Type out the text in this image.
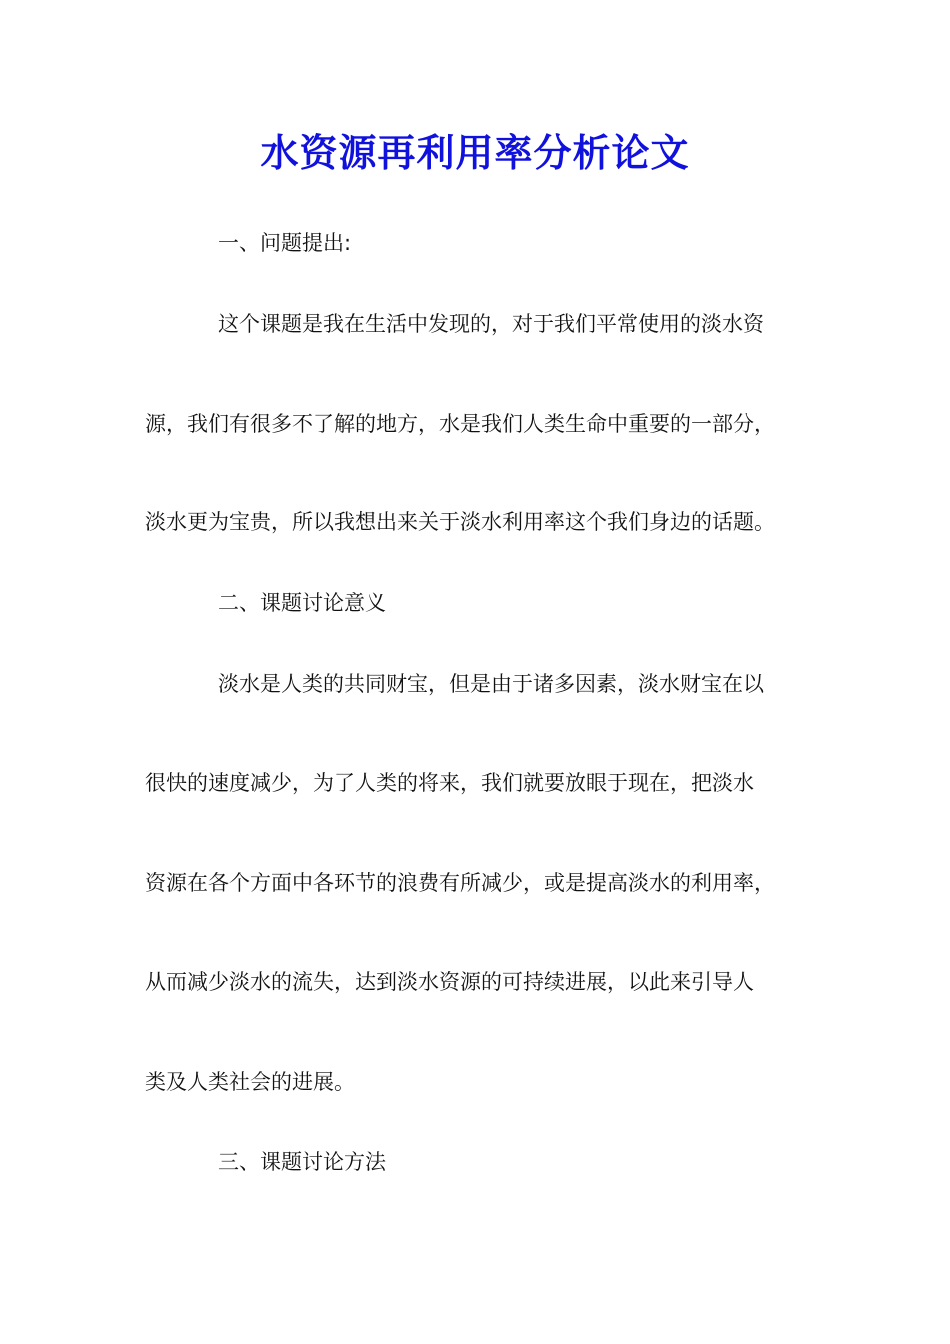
水资源再利用率分析论文
一、问题提出:
这个课题是我在生活中发现的，对于我们平常使用的淡水资
源，我们有很多不了解的地方，水是我们人类生命中重要的一部分，
淡水更为宝贵，所以我想出来关于淡水利用率这个我们身边的话题。
二、课题讨论意义
淡水是人类的共同财宝，但是由于诸多因素，淡水财宝在以
很快的速度减少，为了人类的将来，我们就要放眼于现在，把淡水
资源在各个方面中各环节的浪费有所减少，或是提高淡水的利用率，
从而减少淡水的流失，达到淡水资源的可持续进展，以此来引导人
类及人类社会的进展。
三、课题讨论方法
